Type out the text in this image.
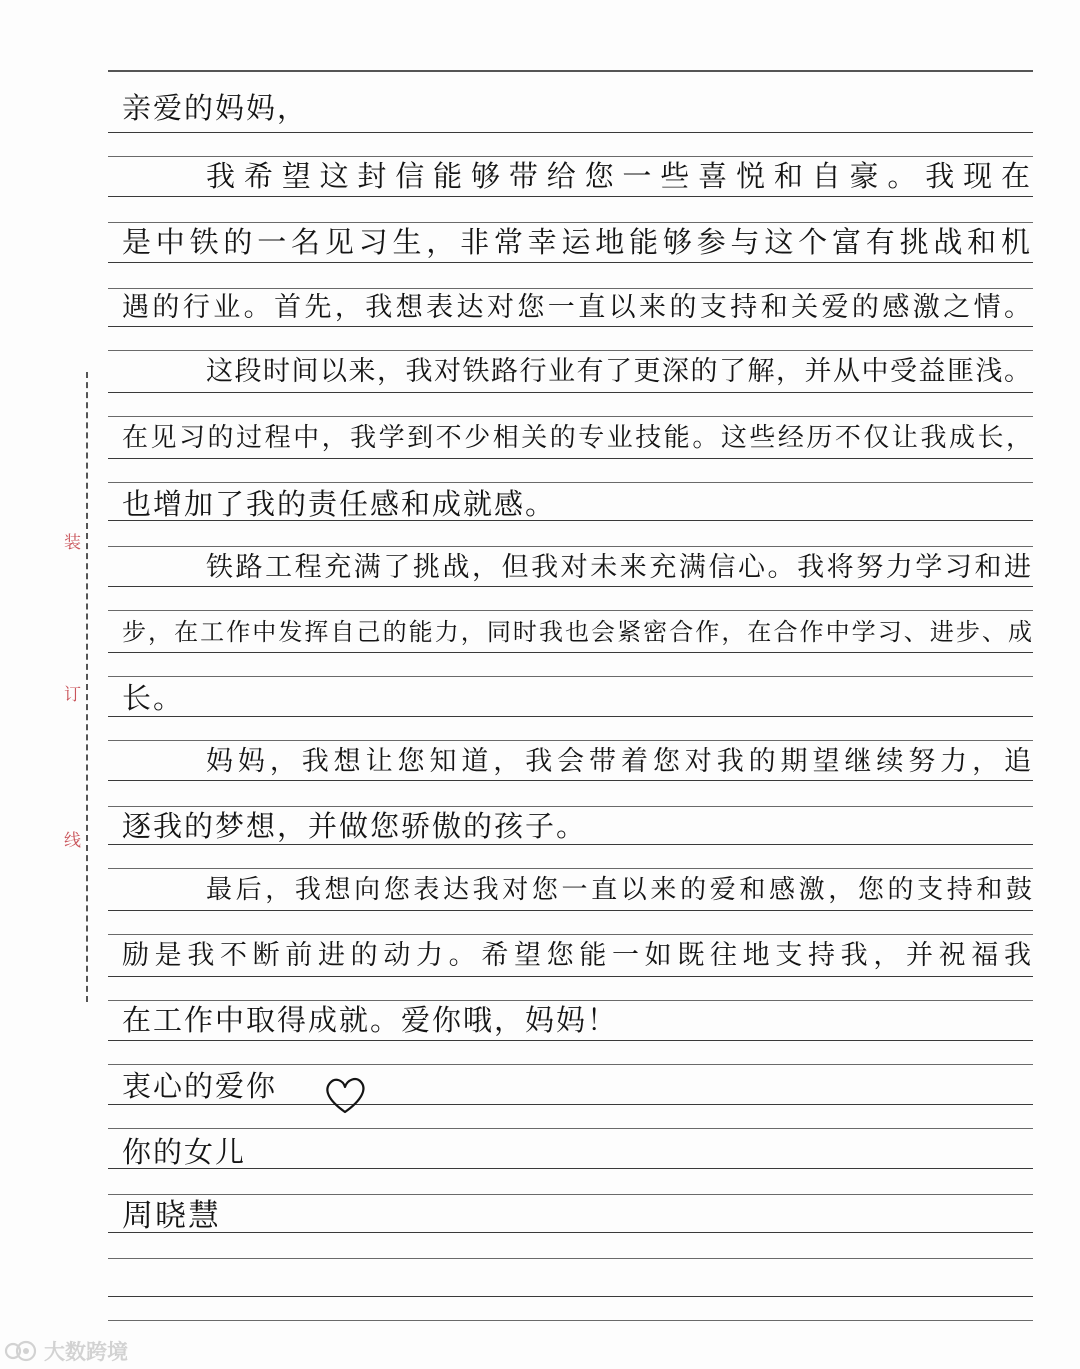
装
订
线
亲爱的妈妈，
我希望这封信能够带给您一些喜悦和自豪。我现在
是中铁的一名见习生，非常幸运地能够参与这个富有挑战和机
遇的行业。首先，我想表达对您一直以来的支持和关爱的感激之情。
这段时间以来，我对铁路行业有了更深的了解，并从中受益匪浅。
在见习的过程中，我学到不少相关的专业技能。这些经历不仅让我成长，
也增加了我的责任感和成就感。
铁路工程充满了挑战，但我对未来充满信心。我将努力学习和进
步，在工作中发挥自己的能力，同时我也会紧密合作，在合作中学习、进步、成
长。
妈妈，我想让您知道，我会带着您对我的期望继续努力，追
逐我的梦想，并做您骄傲的孩子。
最后，我想向您表达我对您一直以来的爱和感激，您的支持和鼓
励是我不断前进的动力。希望您能一如既往地支持我，并祝福我
在工作中取得成就。爱你哦，妈妈！
衷心的爱你
你的女儿
周晓慧
大数跨境
